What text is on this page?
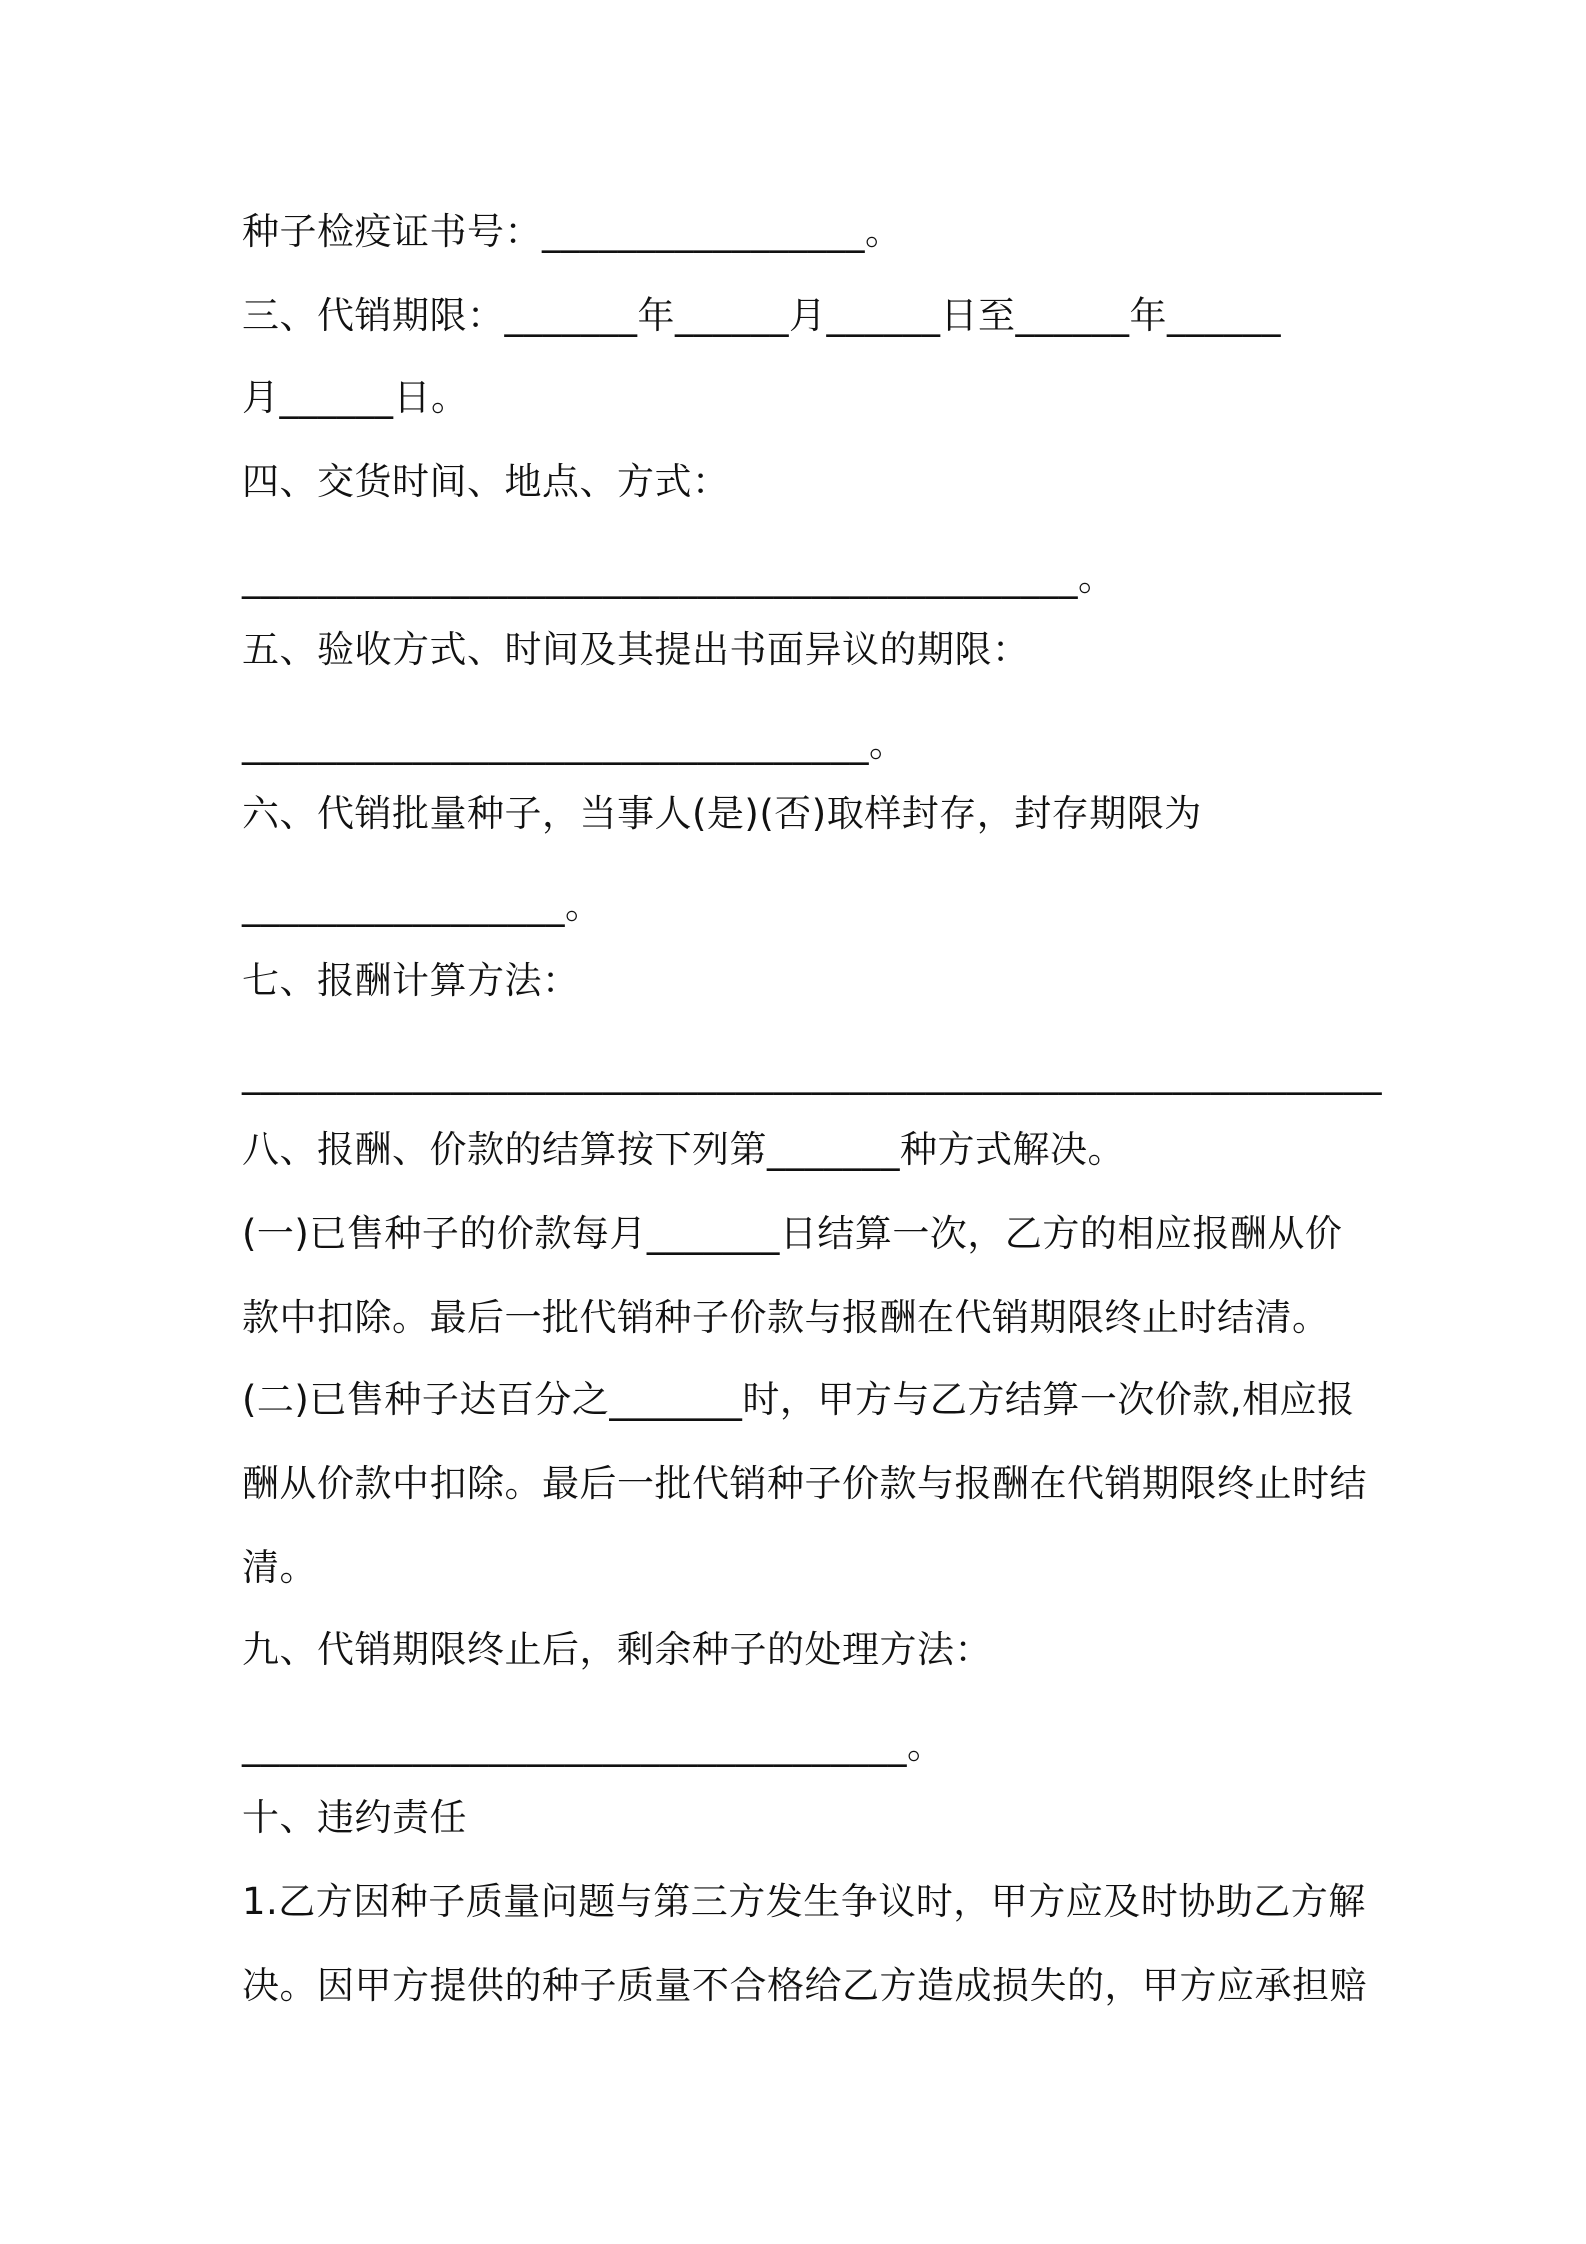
种子检疫证书号：_________________。
三、代销期限：_______年______月______日至______年______
月______日。
四、交货时间、地点、方式：
____________________________________________。
五、验收方式、时间及其提出书面异议的期限：
_________________________________。
六、代销批量种子，当事人(是)(否)取样封存，封存期限为
_________________。
七、报酬计算方法：
____________________________________________________________
八、报酬、价款的结算按下列第_______种方式解决。
(一)已售种子的价款每月_______日结算一次，乙方的相应报酬从价
款中扣除。最后一批代销种子价款与报酬在代销期限终止时结清。
(二)已售种子达百分之_______时，甲方与乙方结算一次价款,相应报
酬从价款中扣除。最后一批代销种子价款与报酬在代销期限终止时结
清。
九、代销期限终止后，剩余种子的处理方法：
___________________________________。
十、违约责任
1.乙方因种子质量问题与第三方发生争议时，甲方应及时协助乙方解
决。因甲方提供的种子质量不合格给乙方造成损失的，甲方应承担赔
